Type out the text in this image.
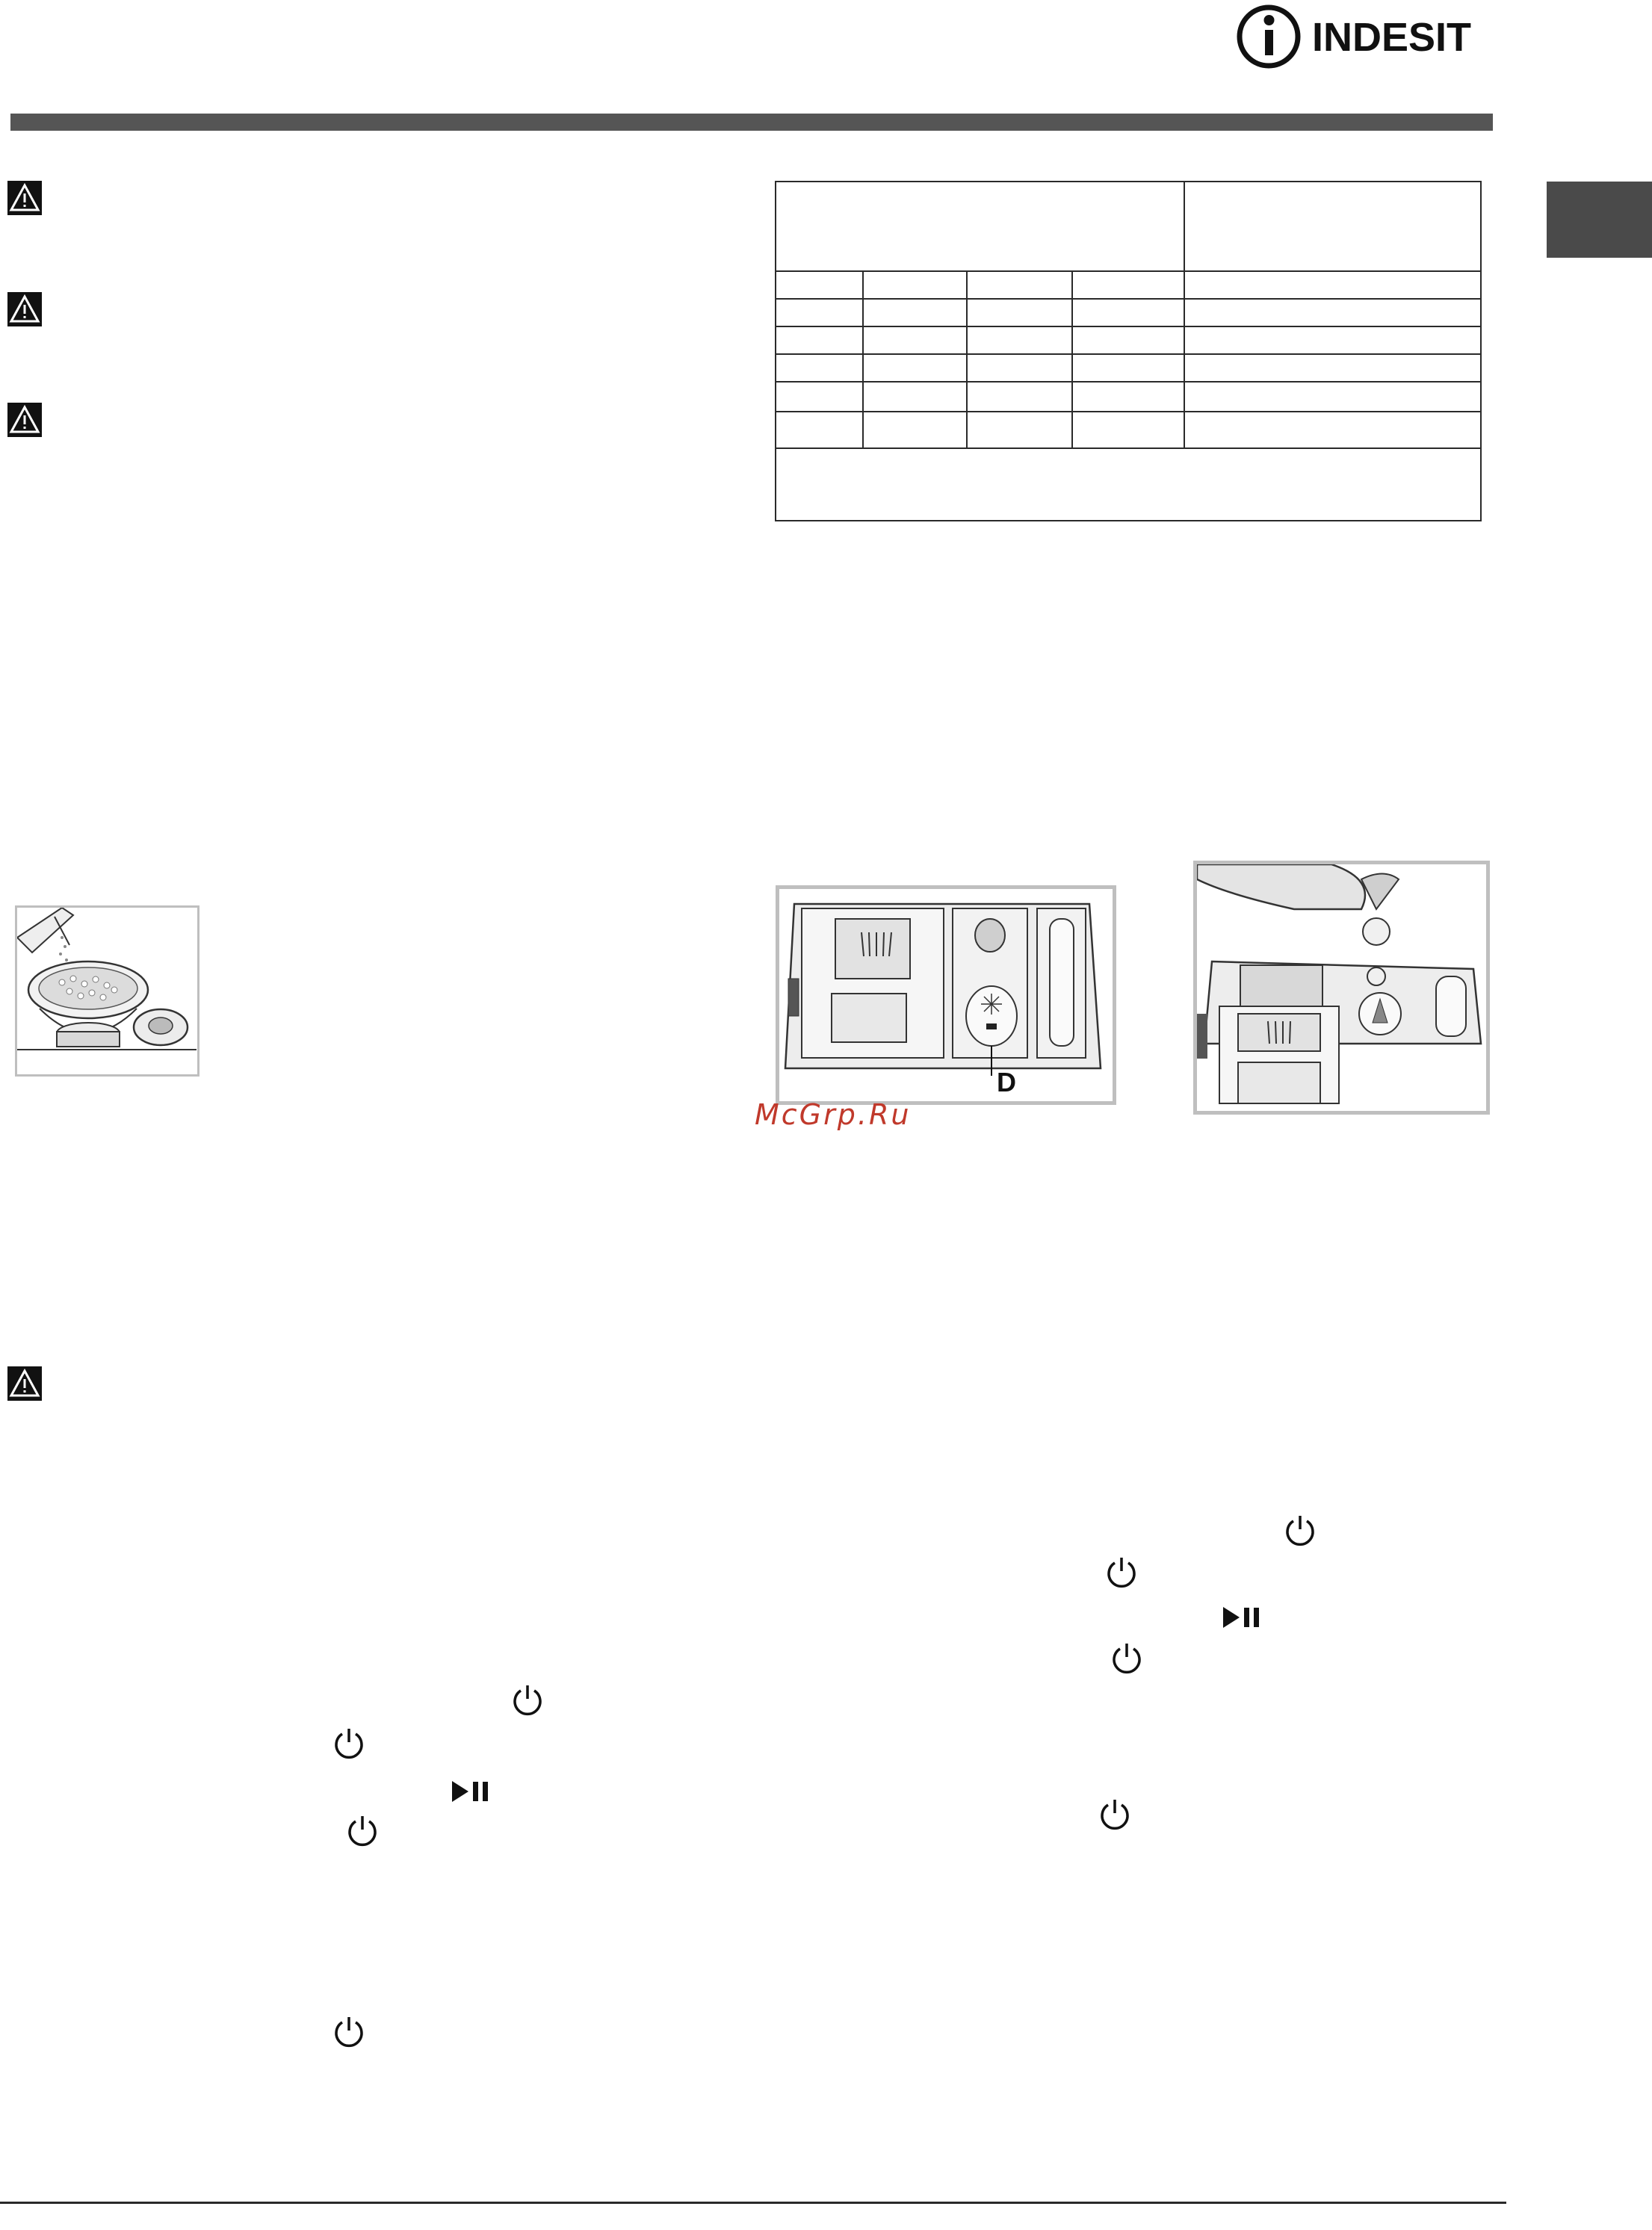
INDESIT
D
McGrp.Ru
